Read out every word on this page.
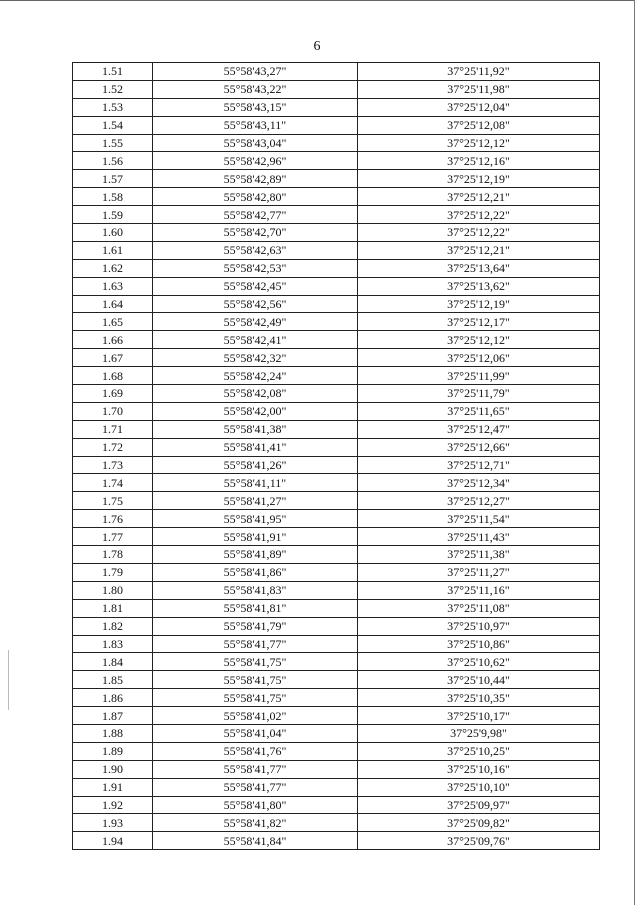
6
1.51	55°58'43,27"	37°25'11,92"
1.52	55°58'43,22"	37°25'11,98"
1.53	55°58'43,15"	37°25'12,04"
1.54	55°58'43,11"	37°25'12,08"
1.55	55°58'43,04"	37°25'12,12"
1.56	55°58'42,96"	37°25'12,16"
1.57	55°58'42,89"	37°25'12,19"
1.58	55°58'42,80"	37°25'12,21"
1.59	55°58'42,77"	37°25'12,22"
1.60	55°58'42,70"	37°25'12,22"
1.61	55°58'42,63"	37°25'12,21"
1.62	55°58'42,53"	37°25'13,64"
1.63	55°58'42,45"	37°25'13,62"
1.64	55°58'42,56"	37°25'12,19"
1.65	55°58'42,49"	37°25'12,17"
1.66	55°58'42,41"	37°25'12,12"
1.67	55°58'42,32"	37°25'12,06"
1.68	55°58'42,24"	37°25'11,99"
1.69	55°58'42,08"	37°25'11,79"
1.70	55°58'42,00"	37°25'11,65"
1.71	55°58'41,38"	37°25'12,47"
1.72	55°58'41,41"	37°25'12,66"
1.73	55°58'41,26"	37°25'12,71"
1.74	55°58'41,11"	37°25'12,34"
1.75	55°58'41,27"	37°25'12,27"
1.76	55°58'41,95"	37°25'11,54"
1.77	55°58'41,91"	37°25'11,43"
1.78	55°58'41,89"	37°25'11,38"
1.79	55°58'41,86"	37°25'11,27"
1.80	55°58'41,83"	37°25'11,16"
1.81	55°58'41,81"	37°25'11,08"
1.82	55°58'41,79"	37°25'10,97"
1.83	55°58'41,77"	37°25'10,86"
1.84	55°58'41,75"	37°25'10,62"
1.85	55°58'41,75"	37°25'10,44"
1.86	55°58'41,75"	37°25'10,35"
1.87	55°58'41,02"	37°25'10,17"
1.88	55°58'41,04"	37°25'9,98"
1.89	55°58'41,76"	37°25'10,25"
1.90	55°58'41,77"	37°25'10,16"
1.91	55°58'41,77"	37°25'10,10"
1.92	55°58'41,80"	37°25'09,97"
1.93	55°58'41,82"	37°25'09,82"
1.94	55°58'41,84"	37°25'09,76"
